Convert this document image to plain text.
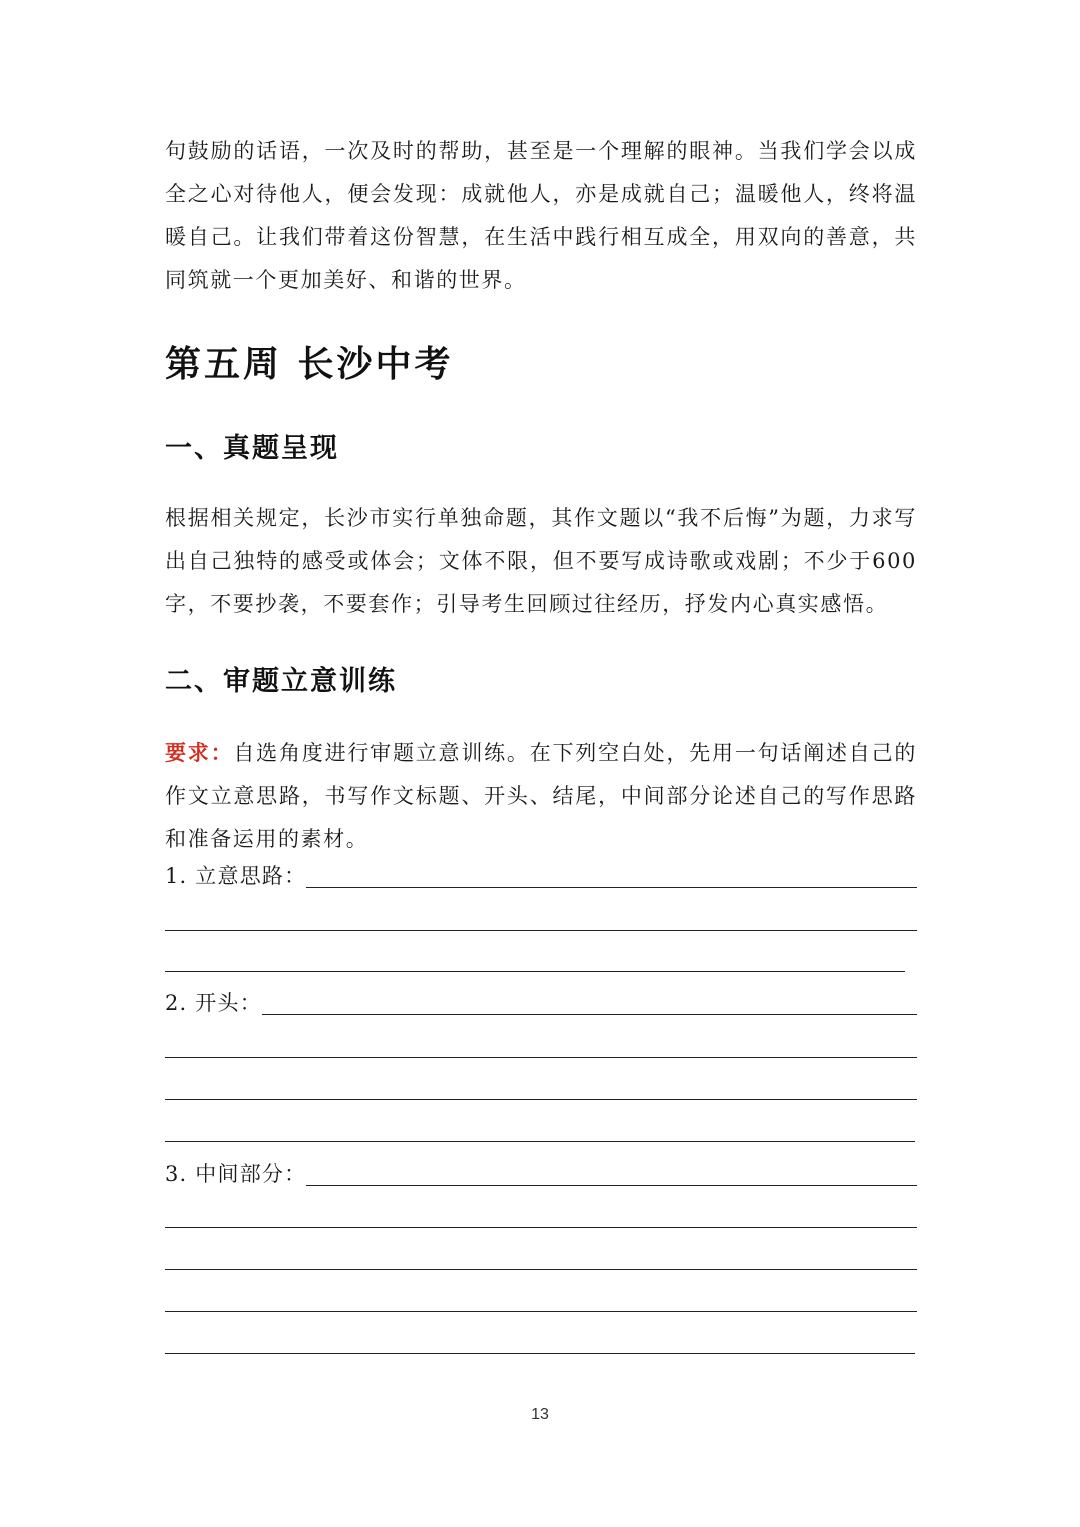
句鼓励的话语，一次及时的帮助，甚至是一个理解的眼神。当我们学会以成全之心对待他人，便会发现：成就他人，亦是成就自己；温暖他人，终将温暖自己。让我们带着这份智慧，在生活中践行相互成全，用双向的善意，共同筑就一个更加美好、和谐的世界。

第五周 长沙中考
一、真题呈现

根据相关规定，长沙市实行单独命题，其作文题以“我不后悔”为题，力求写出自己独特的感受或体会；文体不限，但不要写成诗歌或戏剧；不少于600字，不要抄袭，不要套作；引导考生回顾过往经历，抒发内心真实感悟。

二、审题立意训练

要求：自选角度进行审题立意训练。在下列空白处，先用一句话阐述自己的作文立意思路，书写作文标题、开头、结尾，中间部分论述自己的写作思路和准备运用的素材。

1. 立意思路：
2. 开头：
3. 中间部分：
13
